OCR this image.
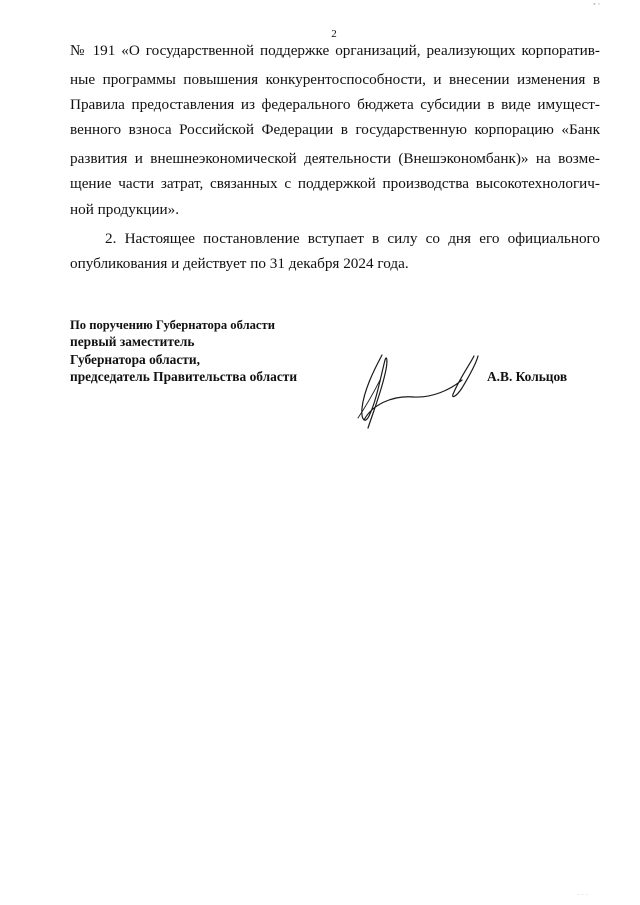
2
№ 191 «О государственной поддержке организаций, реализующих корпоратив-
ные программы повышения конкурентоспособности, и внесении изменения в
Правила предоставления из федерального бюджета субсидии в виде имущест-
венного взноса Российской Федерации в государственную корпорацию «Банк
развития и внешнеэкономической деятельности (Внешэкономбанк)» на возме-
щение части затрат, связанных с поддержкой производства высокотехнологич-
ной продукции».
2. Настоящее постановление вступает в силу со дня его официального
опубликования и действует по 31 декабря 2024 года.
По поручению Губернатора области
первый заместитель
Губернатора области,
председатель Правительства области	А.В. Кольцов
▪ ▫
· · ·
